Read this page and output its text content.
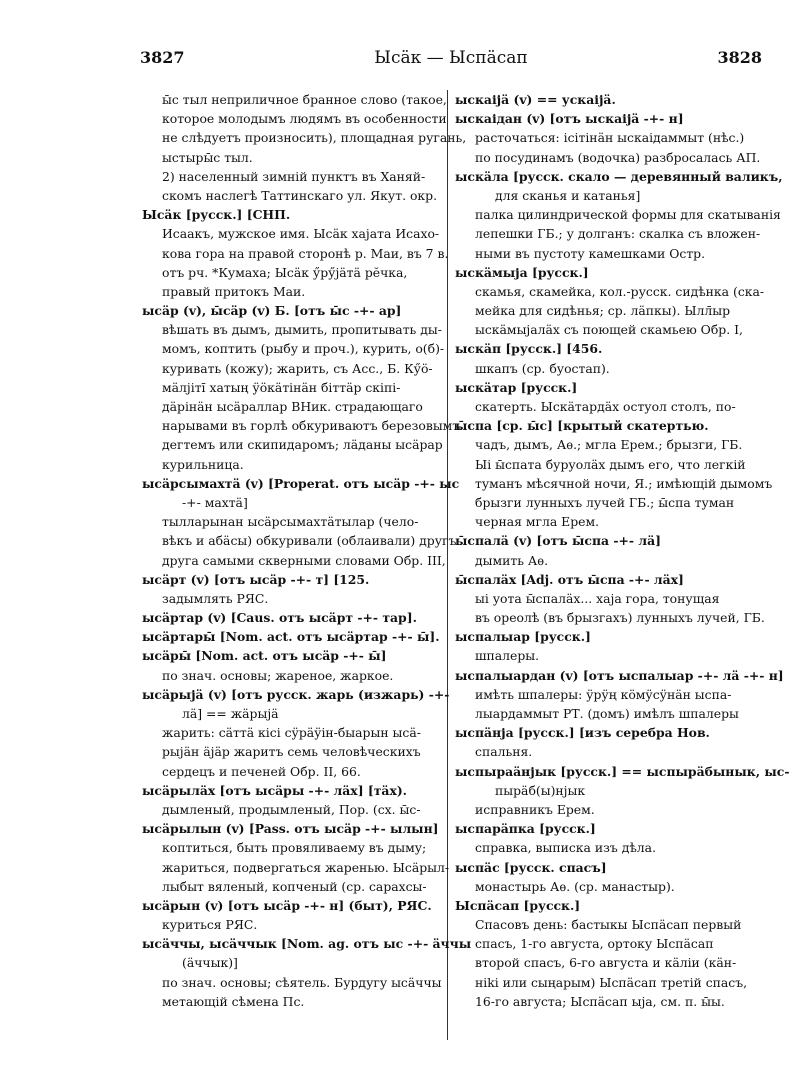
3827	Ысӓк — Ыспӓсап	3828
ы̄с тыл неприличное бранное слово (такое,
которое молодымъ людямъ въ особенности
не слѣдуетъ произносить), площадная ругань,
ыстыры̄с тыл.
2) населенный зимній пунктъ въ Ханяй-
скомъ наслегѣ Таттинскаго ул. Якут. окр.
Ысӓк [русск.] [СНП.
Исаакъ, мужское имя. Ысӓк хајата Исахо-
кова гора на правой сторонѣ р. Маи, въ 7 в.
отъ рч. *Кумаха; Ысӓк ӳрӳјӓтӓ рӗчка,
правый притокъ Маи.
ысӓр (v), ы̄сӓр (v) Б. [отъ ы̄с -+- ар]
вѣшать въ дымъ, дымить, пропитывать ды-
момъ, коптить (рыбу и проч.), курить, о(б)-
куривать (кожу); жарить, съ Асс., Б. Кӳӧ-
мӓлјіті̄ хатың ӱӧкӓтінӓн біттӓр скіпі-
дӓрінӓн ысӓраллар ВНик. страдающаго
нарывами въ горлѣ обкуриваютъ березовымъ
дегтемъ или скипидаромъ; лӓданы ысӓрар
курильница.
ысӓрсымахтӓ (v) [Properat. отъ ысӓр -+- ыс
-+- махтӓ]
тылларынан ысӓрсымахтӓтылар (чело-
вѣкъ и абӓсы) обкуривали (облаивали) другъ
друга самыми скверными словами Обр. III,
ысӓрт (v) [отъ ысӓр -+- т] [125.
задымлять РЯС.
ысӓртар (v) [Caus. отъ ысӓрт -+- тар].
ысӓртары̄ [Nom. act. отъ ысӓртар -+- ы̄].
ысӓры̄ [Nom. act. отъ ысӓр -+- ы̄]
по знач. основы; жареное, жаркое.
ысӓрыјӓ (v) [отъ русск. жарь (изжарь) -+-
лӓ] == жӓрыјӓ
жарить: сӓттӓ кісі сӱрӓӱін-быарын ысӓ-
рыјӓн ӓјӓр жаритъ семь человѣческихъ
сердецъ и печеней Обр. II, 66.
ысӓрылӓх [отъ ысӓры -+- лӓх] [тӓх).
дымленый, продымленый, Пор. (сх. ы̄с-
ысӓрылын (v) [Pass. отъ ысӓр -+- ылын]
коптиться, быть провяливаему въ дыму;
жариться, подвергаться жаренью. Ысӓрыл-
лыбыт вяленый, копченый (ср. сарахсы-
ысӓрын (v) [отъ ысӓр -+- н] (быт), РЯС.
куриться РЯС.
ысӓччы, ысӓччык [Nom. ag. отъ ыс -+- ӓччы
(ӓччык)]
по знач. основы; сѣятель. Бурдугу ысӓччы
метающій сѣмена Пс.
ыскаіјӓ (v) == ускаіјӓ.
ыскаідан (v) [отъ ыскаіјӓ -+- н]
расточаться: ісітінӓн ыскаідаммыт (нѣс.)
по посудинамъ (водочка) разбросалась АП.
ыскӓла [русск. скало — деревянный валикъ,
для сканья и катанья]
палка цилиндрической формы для скатыванія
лепешки ГБ.; у долганъ: скалка съ вложен-
ными въ пустоту камешками Остр.
ыскӓмыја [русск.]
скамья, скамейка, кол.-русск. сидѣнка (ска-
мейка для сидѣнья; ср. лӓпкы). Ылл̄ыр
ыскӓмыјалӓх съ поющей скамьею Обр. I,
ыскӓп [русск.] [456.
шкапъ (ср. буостап).
ыскӓтар [русск.]
скатерть. Ыскӓтардӓх остуол столъ, по-
ы̄спа [ср. ы̄с] [крытый скатертью.
чадъ, дымъ, Аѳ.; мгла Ерем.; брызги, ГБ.
Ыі ы̄спата буруолӓх дымъ его, что легкій
туманъ мѣсячной ночи, Я.; имѣющій дымомъ
брызги лунныхъ лучей ГБ.; ы̄спа туман
черная мгла Ерем.
ы̄спалӓ (v) [отъ ы̄спа -+- лӓ]
дымить Аѳ.
ы̄спалӓх [Adj. отъ ы̄спа -+- лӓх]
ыі уота ы̄спалӓх... хаја гора, тонущая
въ ореолѣ (въ брызгахъ) лунныхъ лучей, ГБ.
ыспалыар [русск.]
шпалеры.
ыспалыардан (v) [отъ ыспалыар -+- лӓ -+- н]
имѣть шпалеры: ӱрӱң кӧмӱсӱнӓн ыспа-
лыардаммыт РТ. (домъ) имѣлъ шпалеры
ыспӓнја [русск.] [изъ серебра Нов.
спальня.
ыспыраӓнјык [русск.] == ыспырӓбынык, ыс-
пырӓб(ы)нјык
исправникъ Ерем.
ыспарӓпка [русск.]
справка, выписка изъ дѣла.
ыспӓс [русск. спасъ]
монастырь Аѳ. (ср. манастыр).
Ыспӓсап [русск.]
Спасовъ день: бастыкы Ыспӓсап первый
спасъ, 1-го августа, ортоку Ыспӓсап
второй спасъ, 6-го августа и кӓліи (кӓн-
ніkі или сыңарым) Ыспӓсап третій спасъ,
16-го августа; Ыспӓсап ыја, см. п. ы̄ы.
